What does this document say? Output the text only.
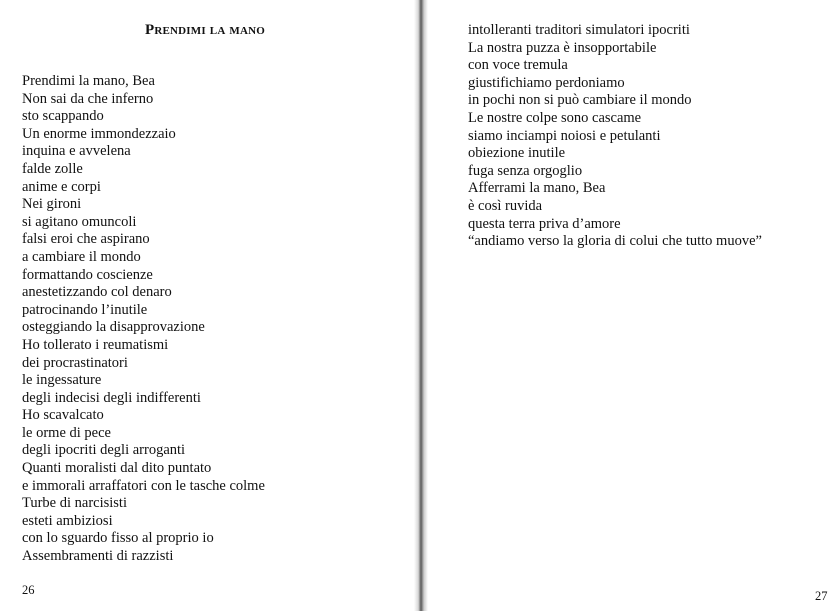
Prendimi la mano
Prendimi la mano, Bea
Non sai da che inferno
sto scappando
Un enorme immondezzaio
inquina e avvelena
falde zolle
anime e corpi
Nei gironi
si agitano omuncoli
falsi eroi che aspirano
a cambiare il mondo
formattando coscienze
anestetizzando col denaro
patrocinando l’inutile
osteggiando la disapprovazione
Ho tollerato i reumatismi
dei procrastinatori
le ingessature
degli indecisi degli indifferenti
Ho scavalcato
le orme di pece
degli ipocriti degli arroganti
Quanti moralisti dal dito puntato
e immorali arraffatori con le tasche colme
Turbe di narcisisti
esteti ambiziosi
con lo sguardo fisso al proprio io
Assembramenti di razzisti

26

intolleranti traditori simulatori ipocriti
La nostra puzza è insopportabile
con voce tremula
giustifichiamo perdoniamo
in pochi non si può cambiare il mondo
Le nostre colpe sono cascame
siamo inciampi noiosi e petulanti
obiezione inutile
fuga senza orgoglio
Afferrami la mano, Bea
è così ruvida
questa terra priva d’amore
“andiamo verso la gloria di colui che tutto muove”

27
